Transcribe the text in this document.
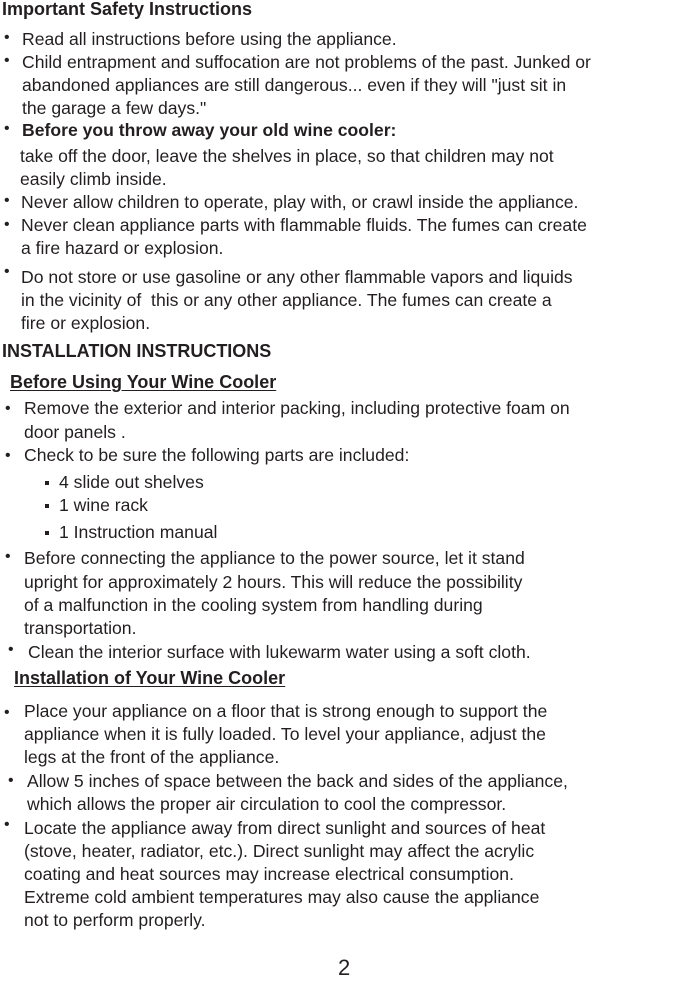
Important Safety Instructions
• Read all instructions before using the appliance.
• Child entrapment and suffocation are not problems of the past. Junked or
abandoned appliances are still dangerous... even if they will "just sit in
the garage a few days."
• Before you throw away your old wine cooler:
take off the door, leave the shelves in place, so that children may not
easily climb inside.
• Never allow children to operate, play with, or crawl inside the appliance.
• Never clean appliance parts with flammable fluids. The fumes can create
a fire hazard or explosion.
• Do not store or use gasoline or any other flammable vapors and liquids
in the vicinity of  this or any other appliance. The fumes can create a
fire or explosion.
INSTALLATION INSTRUCTIONS
Before Using Your Wine Cooler
• Remove the exterior and interior packing, including protective foam on
door panels .
• Check to be sure the following parts are included:
4 slide out shelves
1 wine rack
1 Instruction manual
• Before connecting the appliance to the power source, let it stand
upright for approximately 2 hours. This will reduce the possibility
of a malfunction in the cooling system from handling during
transportation.
• Clean the interior surface with lukewarm water using a soft cloth.
Installation of Your Wine Cooler
• Place your appliance on a floor that is strong enough to support the
appliance when it is fully loaded. To level your appliance, adjust the
legs at the front of the appliance.
• Allow 5 inches of space between the back and sides of the appliance,
which allows the proper air circulation to cool the compressor.
• Locate the appliance away from direct sunlight and sources of heat
(stove, heater, radiator, etc.). Direct sunlight may affect the acrylic
coating and heat sources may increase electrical consumption.
Extreme cold ambient temperatures may also cause the appliance
not to perform properly.
2
